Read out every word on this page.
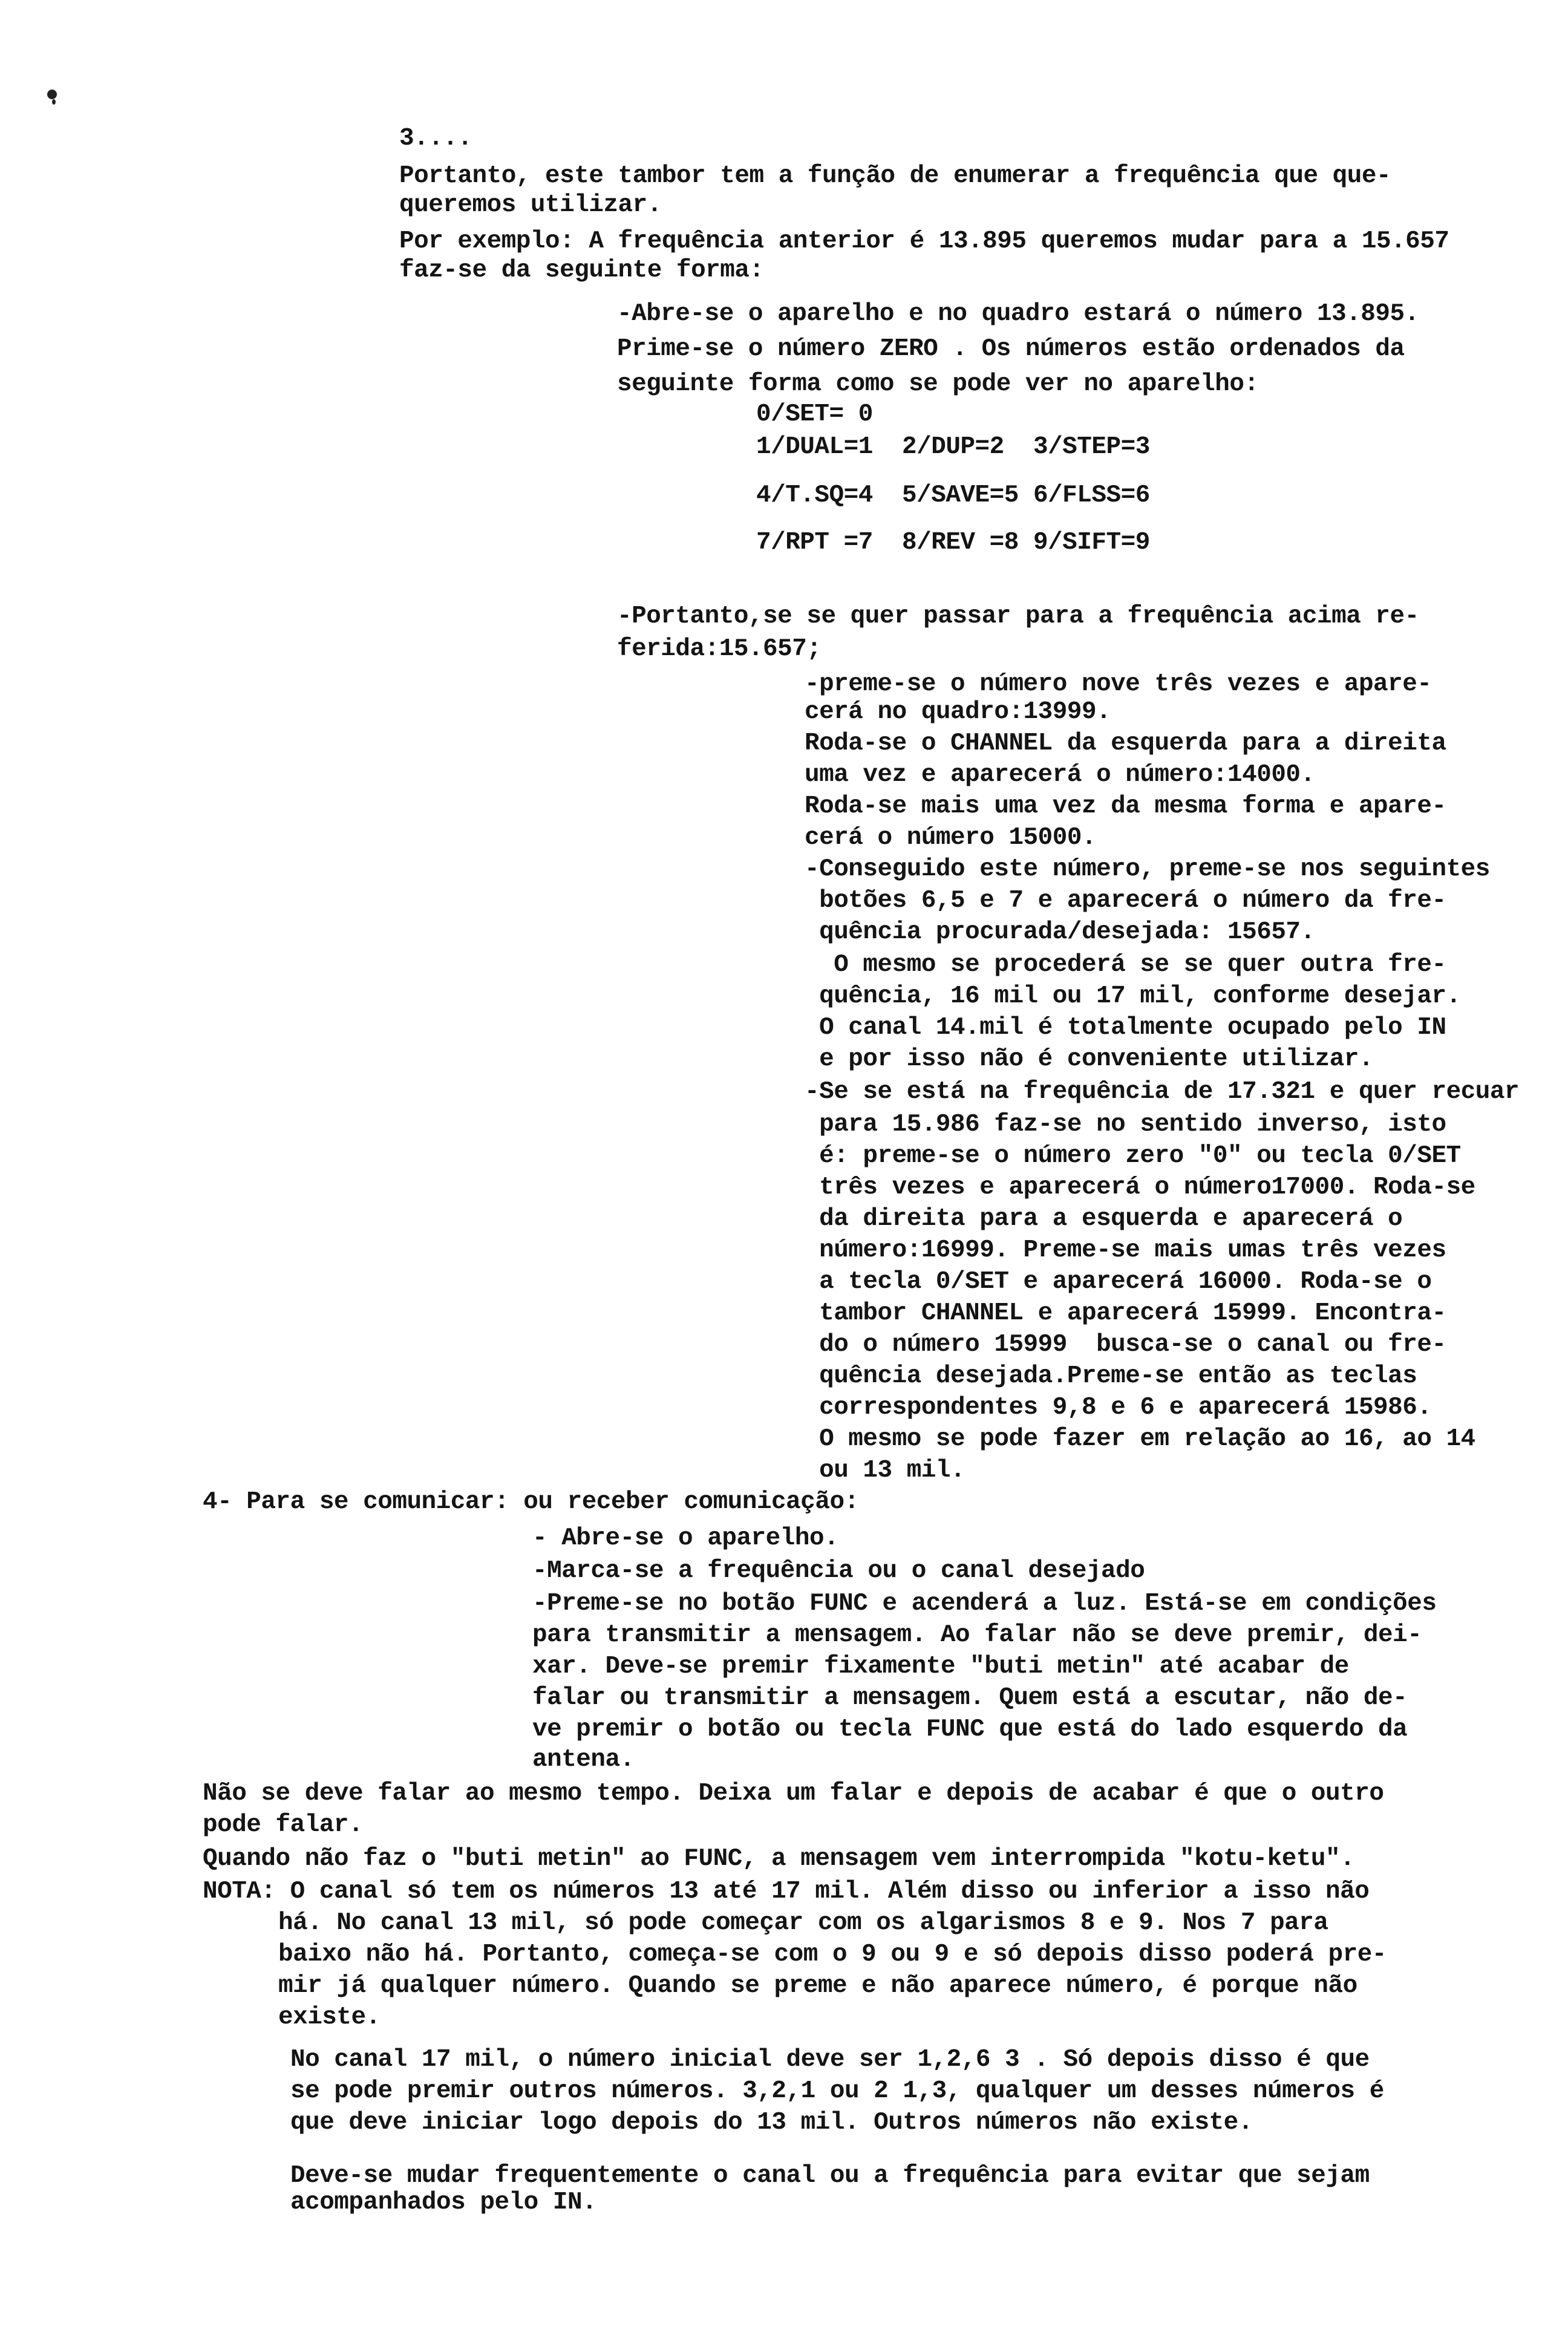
3....
Portanto, este tambor tem a função de enumerar a frequência que que-
queremos utilizar.
Por exemplo: A frequência anterior é 13.895 queremos mudar para a 15.657
faz-se da seguinte forma:
-Abre-se o aparelho e no quadro estará o número 13.895.
Prime-se o número ZERO . Os números estão ordenados da
seguinte forma como se pode ver no aparelho:
0/SET= 0
1/DUAL=1  2/DUP=2  3/STEP=3
4/T.SQ=4  5/SAVE=5 6/FLSS=6
7/RPT =7  8/REV =8 9/SIFT=9
-Portanto,se se quer passar para a frequência acima re-
ferida:15.657;
-preme-se o número nove três vezes e apare-
cerá no quadro:13999.
Roda-se o CHANNEL da esquerda para a direita
uma vez e aparecerá o número:14000.
Roda-se mais uma vez da mesma forma e apare-
cerá o número 15000.
-Conseguido este número, preme-se nos seguintes
botões 6,5 e 7 e aparecerá o número da fre-
quência procurada/desejada: 15657.
O mesmo se procederá se se quer outra fre-
quência, 16 mil ou 17 mil, conforme desejar.
O canal 14.mil é totalmente ocupado pelo IN
e por isso não é conveniente utilizar.
-Se se está na frequência de 17.321 e quer recuar
para 15.986 faz-se no sentido inverso, isto
é: preme-se o número zero "0" ou tecla 0/SET
três vezes e aparecerá o número17000. Roda-se
da direita para a esquerda e aparecerá o
número:16999. Preme-se mais umas três vezes
a tecla 0/SET e aparecerá 16000. Roda-se o
tambor CHANNEL e aparecerá 15999. Encontra-
do o número 15999  busca-se o canal ou fre-
quência desejada.Preme-se então as teclas
correspondentes 9,8 e 6 e aparecerá 15986.
O mesmo se pode fazer em relação ao 16, ao 14
ou 13 mil.
4- Para se comunicar: ou receber comunicação:
- Abre-se o aparelho.
-Marca-se a frequência ou o canal desejado
-Preme-se no botão FUNC e acenderá a luz. Está-se em condições
para transmitir a mensagem. Ao falar não se deve premir, dei-
xar. Deve-se premir fixamente "buti metin" até acabar de
falar ou transmitir a mensagem. Quem está a escutar, não de-
ve premir o botão ou tecla FUNC que está do lado esquerdo da
antena.
Não se deve falar ao mesmo tempo. Deixa um falar e depois de acabar é que o outro
pode falar.
Quando não faz o "buti metin" ao FUNC, a mensagem vem interrompida "kotu-ketu".
NOTA: O canal só tem os números 13 até 17 mil. Além disso ou inferior a isso não
há. No canal 13 mil, só pode começar com os algarismos 8 e 9. Nos 7 para
baixo não há. Portanto, começa-se com o 9 ou 9 e só depois disso poderá pre-
mir já qualquer número. Quando se preme e não aparece número, é porque não
existe.
No canal 17 mil, o número inicial deve ser 1,2,6 3 . Só depois disso é que
se pode premir outros números. 3,2,1 ou 2 1,3, qualquer um desses números é
que deve iniciar logo depois do 13 mil. Outros números não existe.
Deve-se mudar frequentemente o canal ou a frequência para evitar que sejam
acompanhados pelo IN.
